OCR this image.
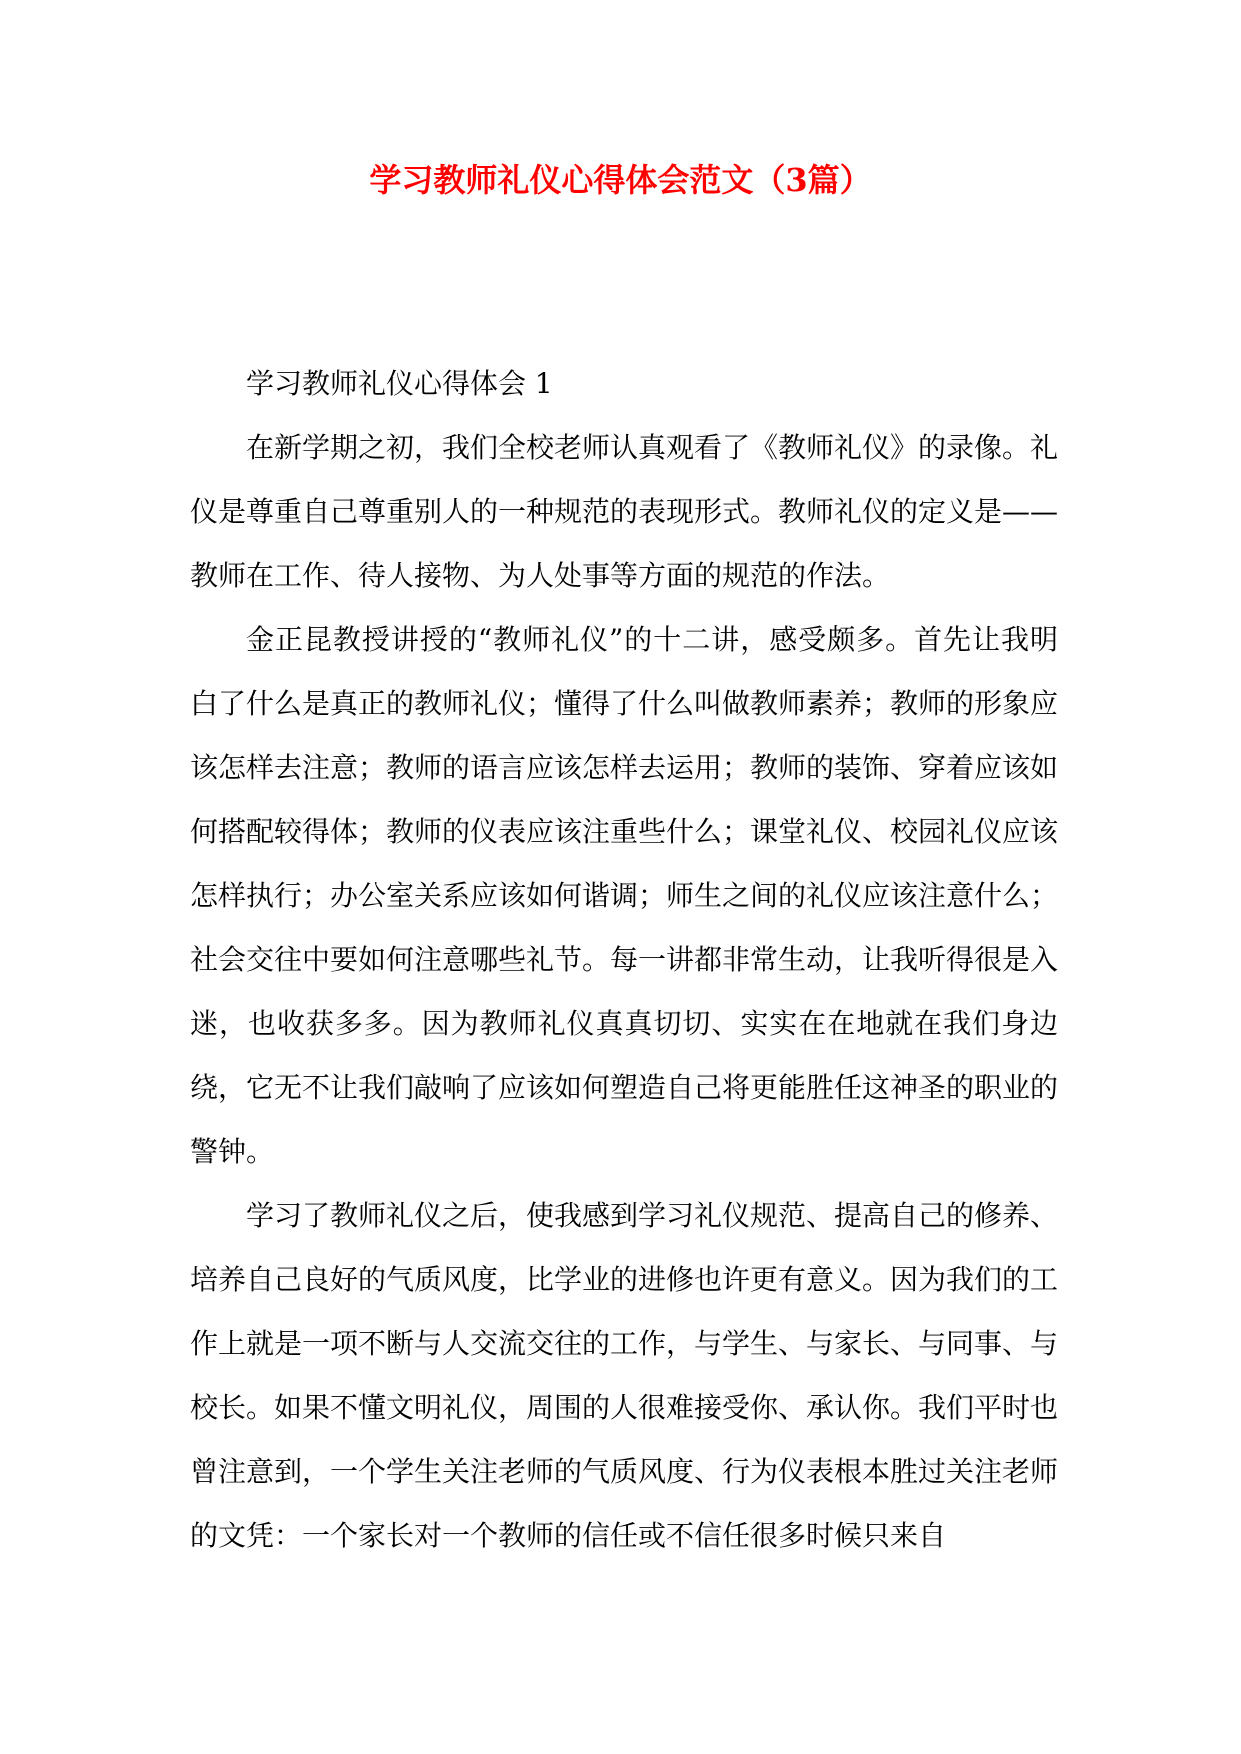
学习教师礼仪心得体会范文（3篇）

学习教师礼仪心得体会 1

在新学期之初，我们全校老师认真观看了《教师礼仪》的录像。礼仪是尊重自己尊重别人的一种规范的表现形式。教师礼仪的定义是——教师在工作、待人接物、为人处事等方面的规范的作法。

金正昆教授讲授的“教师礼仪”的十二讲，感受颇多。首先让我明白了什么是真正的教师礼仪；懂得了什么叫做教师素养；教师的形象应该怎样去注意；教师的语言应该怎样去运用；教师的装饰、穿着应该如何搭配较得体；教师的仪表应该注重些什么；课堂礼仪、校园礼仪应该怎样执行；办公室关系应该如何谐调；师生之间的礼仪应该注意什么；社会交往中要如何注意哪些礼节。每一讲都非常生动，让我听得很是入迷，也收获多多。因为教师礼仪真真切切、实实在在地就在我们身边绕，它无不让我们敲响了应该如何塑造自己将更能胜任这神圣的职业的警钟。

学习了教师礼仪之后，使我感到学习礼仪规范、提高自己的修养、培养自己良好的气质风度，比学业的进修也许更有意义。因为我们的工作上就是一项不断与人交流交往的工作，与学生、与家长、与同事、与校长。如果不懂文明礼仪，周围的人很难接受你、承认你。我们平时也曾注意到，一个学生关注老师的气质风度、行为仪表根本胜过关注老师的文凭：一个家长对一个教师的信任或不信任很多时候只来自
